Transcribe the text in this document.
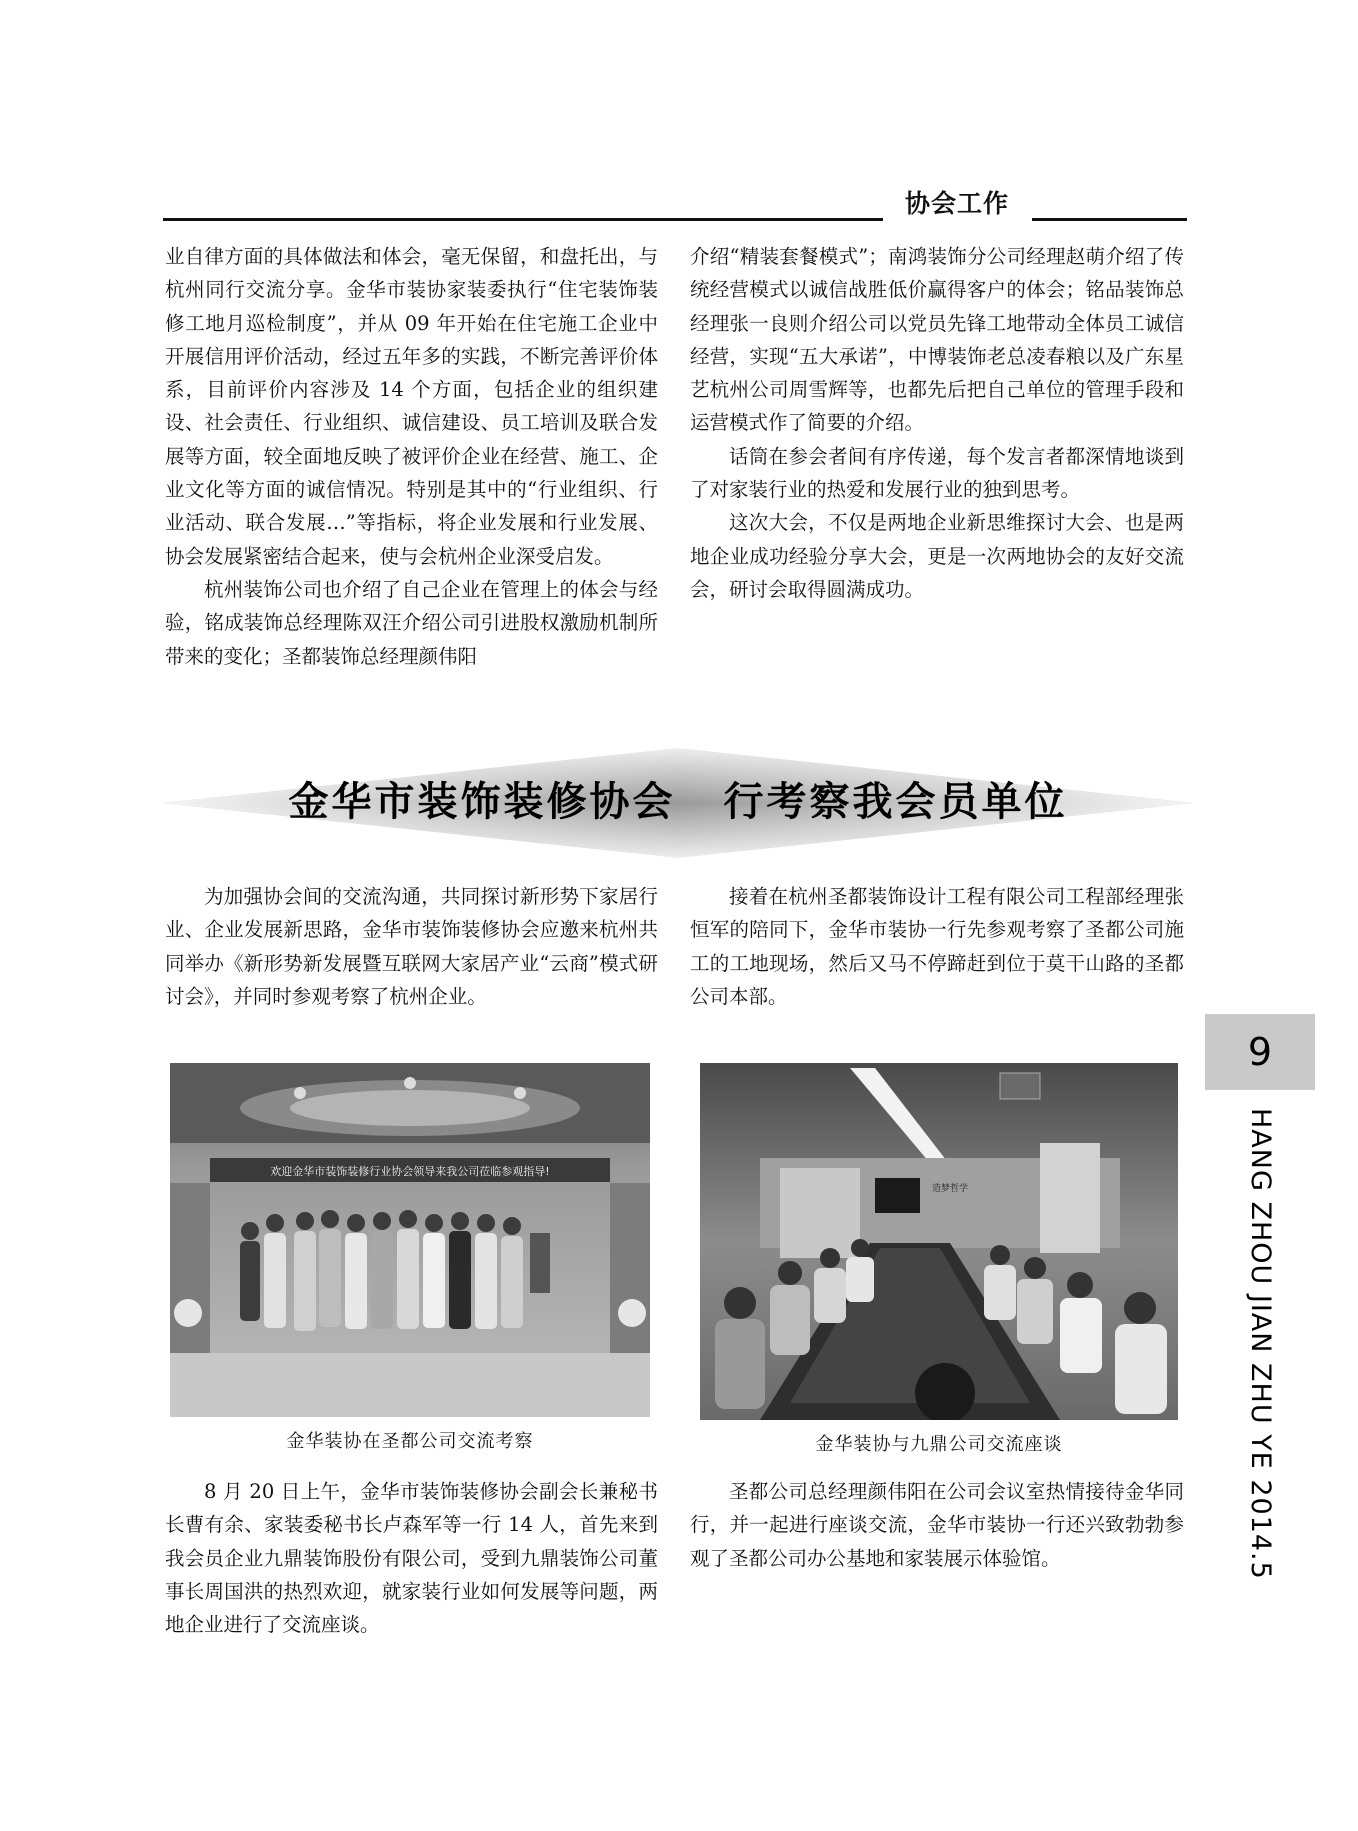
协会工作

业自律方面的具体做法和体会，毫无保留，和盘托出，与杭州同行交流分享。金华市装协家装委执行“住宅装饰装修工地月巡检制度”，并从 09 年开始在住宅施工企业中开展信用评价活动，经过五年多的实践，不断完善评价体系，目前评价内容涉及 14 个方面，包括企业的组织建设、社会责任、行业组织、诚信建设、员工培训及联合发展等方面，较全面地反映了被评价企业在经营、施工、企业文化等方面的诚信情况。特别是其中的“行业组织、行业活动、联合发展…”等指标，将企业发展和行业发展、协会发展紧密结合起来，使与会杭州企业深受启发。

杭州装饰公司也介绍了自己企业在管理上的体会与经验，铭成装饰总经理陈双汪介绍公司引进股权激励机制所带来的变化；圣都装饰总经理颜伟阳

介绍“精装套餐模式”；南鸿装饰分公司经理赵萌介绍了传统经营模式以诚信战胜低价赢得客户的体会；铭品装饰总经理张一良则介绍公司以党员先锋工地带动全体员工诚信经营，实现“五大承诺”，中博装饰老总凌春粮以及广东星艺杭州公司周雪辉等，也都先后把自己单位的管理手段和运营模式作了简要的介绍。

话筒在参会者间有序传递，每个发言者都深情地谈到了对家装行业的热爱和发展行业的独到思考。

这次大会，不仅是两地企业新思维探讨大会、也是两地企业成功经验分享大会，更是一次两地协会的友好交流会，研讨会取得圆满成功。

金华市装饰装修协会 行考察我会员单位

为加强协会间的交流沟通，共同探讨新形势下家居行业、企业发展新思路，金华市装饰装修协会应邀来杭州共同举办《新形势新发展暨互联网大家居产业“云商”模式研讨会》，并同时参观考察了杭州企业。

接着在杭州圣都装饰设计工程有限公司工程部经理张恒军的陪同下，金华市装协一行先参观考察了圣都公司施工的工地现场，然后又马不停蹄赶到位于莫干山路的圣都公司本部。

欢迎金华市装饰装修行业协会领导来我公司莅临参观指导!
金华装协在圣都公司交流考察
造梦哲学
金华装协与九鼎公司交流座谈

8 月 20 日上午，金华市装饰装修协会副会长兼秘书长曹有余、家装委秘书长卢森军等一行 14 人，首先来到我会员企业九鼎装饰股份有限公司，受到九鼎装饰公司董事长周国洪的热烈欢迎，就家装行业如何发展等问题，两地企业进行了交流座谈。

圣都公司总经理颜伟阳在公司会议室热情接待金华同行，并一起进行座谈交流，金华市装协一行还兴致勃勃参观了圣都公司办公基地和家装展示体验馆。

9
HANG ZHOU JIAN ZHU YE 2014.5
